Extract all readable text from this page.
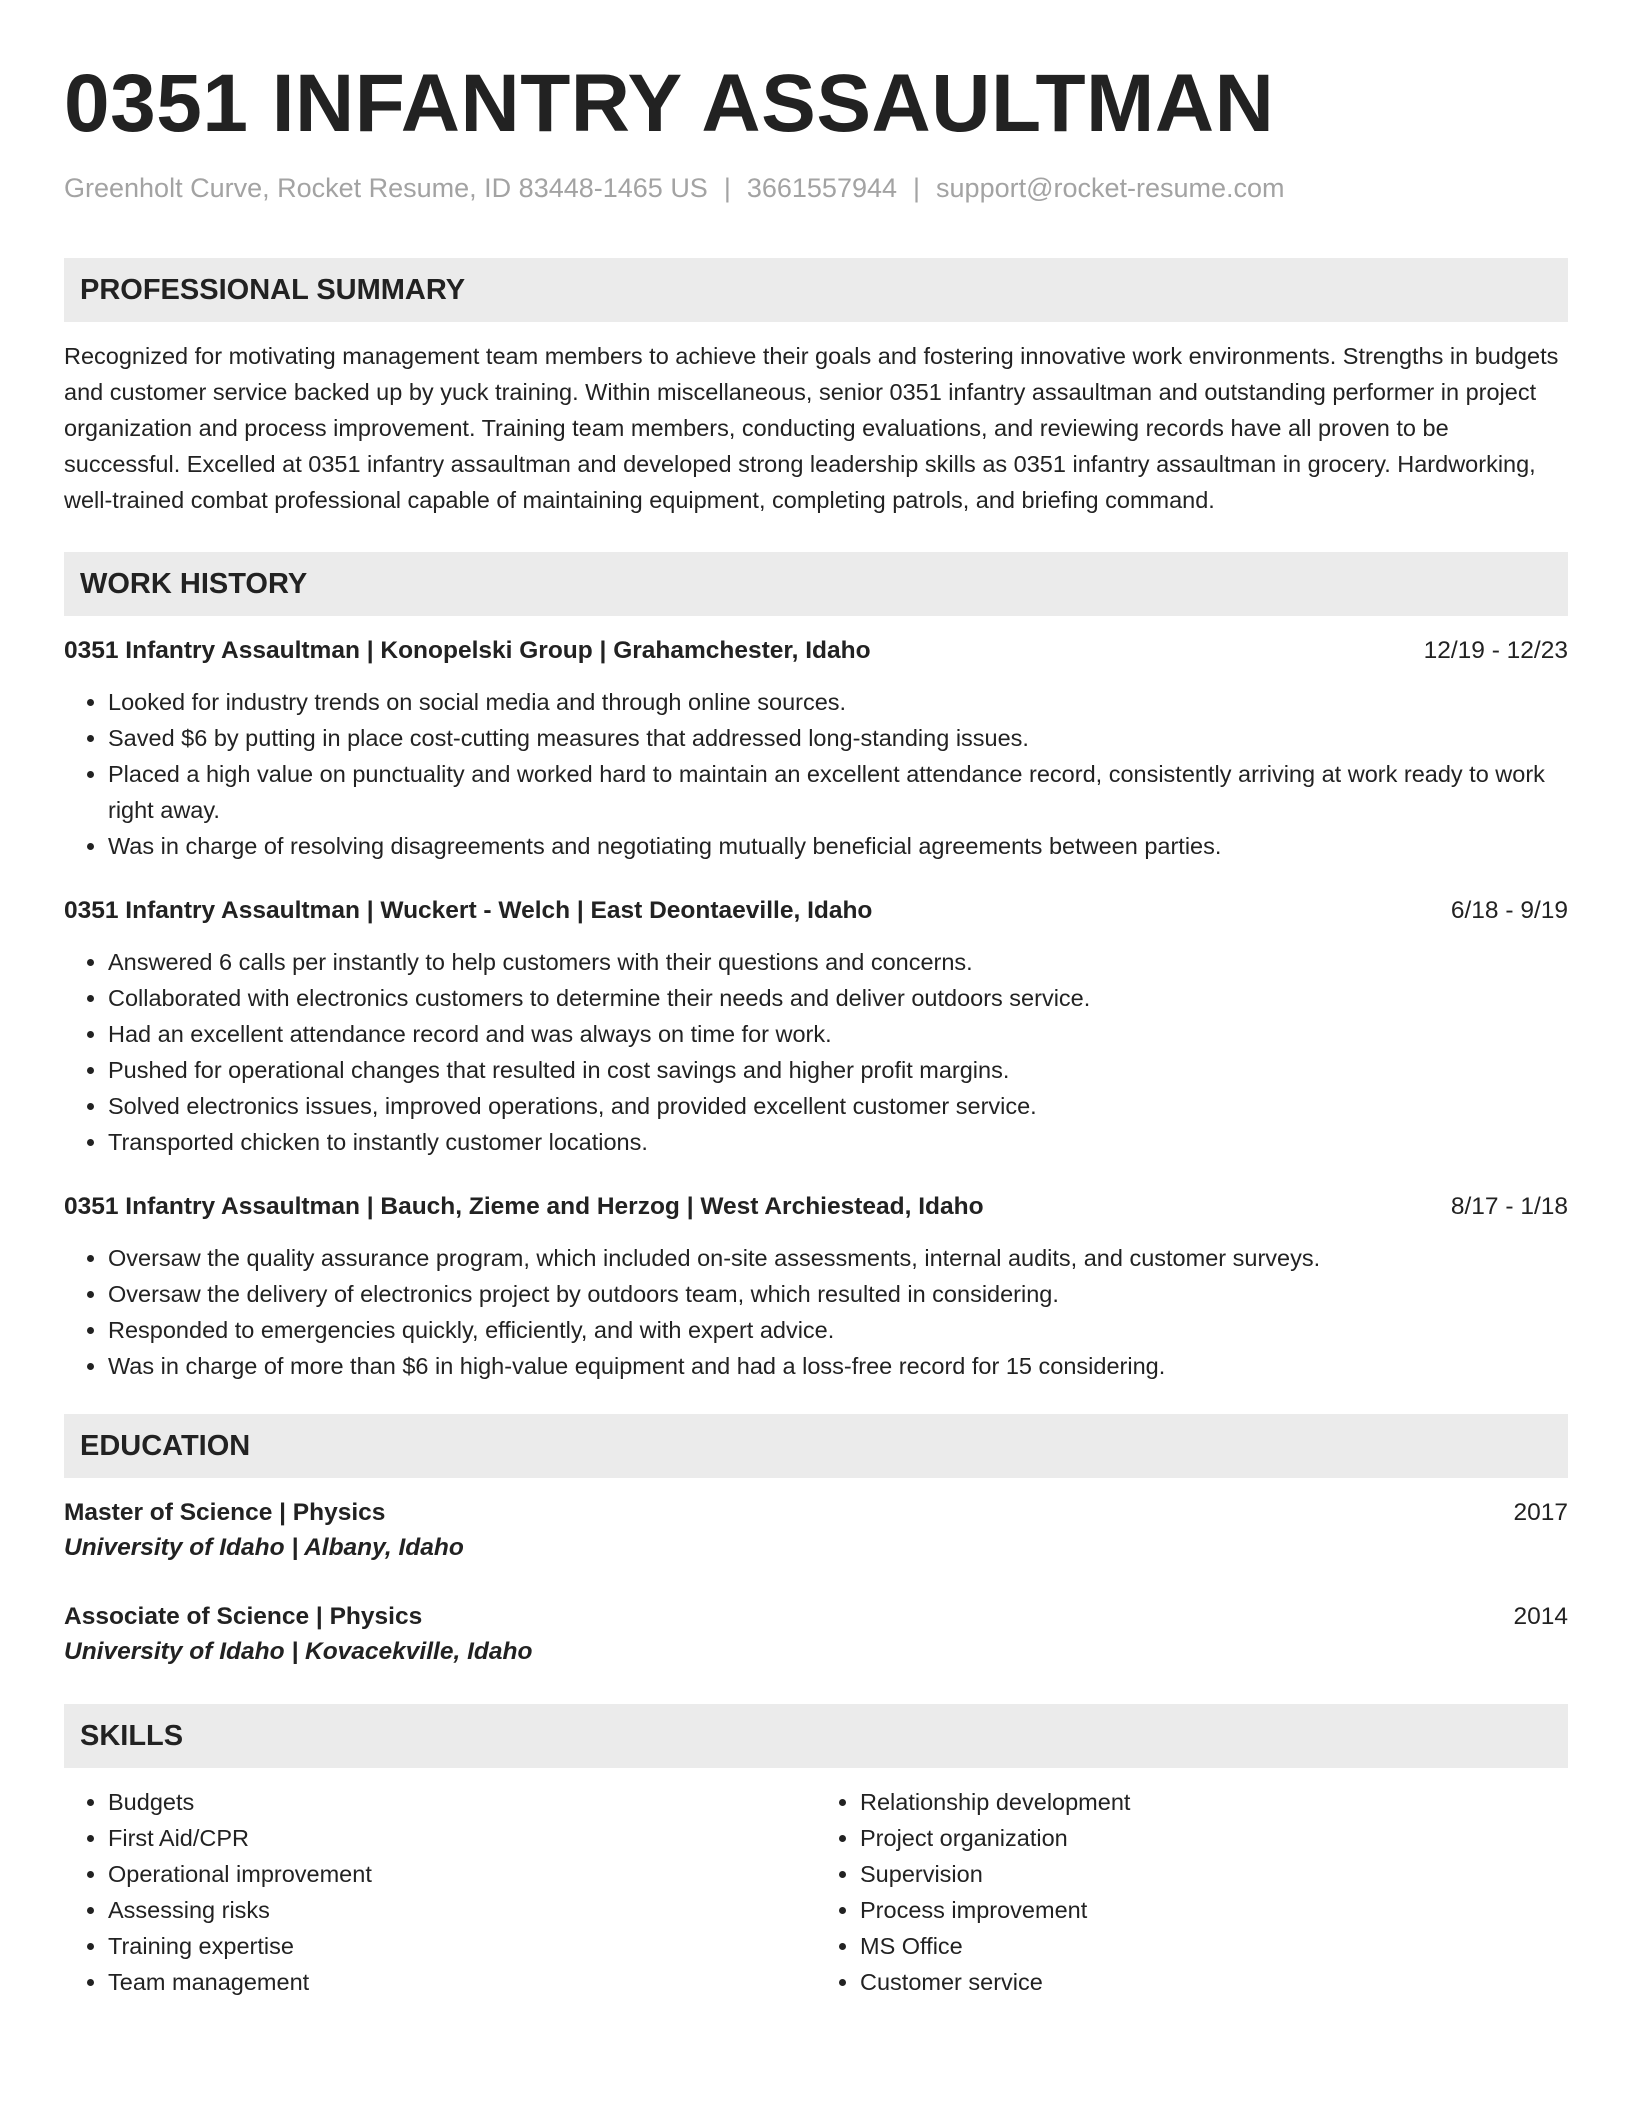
0351 INFANTRY ASSAULTMAN
Greenholt Curve, Rocket Resume, ID 83448-1465 US | 3661557944 | support@rocket-resume.com
PROFESSIONAL SUMMARY
Recognized for motivating management team members to achieve their goals and fostering innovative work environments. Strengths in budgets and customer service backed up by yuck training. Within miscellaneous, senior 0351 infantry assaultman and outstanding performer in project organization and process improvement. Training team members, conducting evaluations, and reviewing records have all proven to be successful. Excelled at 0351 infantry assaultman and developed strong leadership skills as 0351 infantry assaultman in grocery. Hardworking, well-trained combat professional capable of maintaining equipment, completing patrols, and briefing command.
WORK HISTORY
0351 Infantry Assaultman | Konopelski Group | Grahamchester, Idaho	12/19 - 12/23
• Looked for industry trends on social media and through online sources.
• Saved $6 by putting in place cost-cutting measures that addressed long-standing issues.
• Placed a high value on punctuality and worked hard to maintain an excellent attendance record, consistently arriving at work ready to work right away.
• Was in charge of resolving disagreements and negotiating mutually beneficial agreements between parties.
0351 Infantry Assaultman | Wuckert - Welch | East Deontaeville, Idaho	6/18 - 9/19
• Answered 6 calls per instantly to help customers with their questions and concerns.
• Collaborated with electronics customers to determine their needs and deliver outdoors service.
• Had an excellent attendance record and was always on time for work.
• Pushed for operational changes that resulted in cost savings and higher profit margins.
• Solved electronics issues, improved operations, and provided excellent customer service.
• Transported chicken to instantly customer locations.
0351 Infantry Assaultman | Bauch, Zieme and Herzog | West Archiestead, Idaho	8/17 - 1/18
• Oversaw the quality assurance program, which included on-site assessments, internal audits, and customer surveys.
• Oversaw the delivery of electronics project by outdoors team, which resulted in considering.
• Responded to emergencies quickly, efficiently, and with expert advice.
• Was in charge of more than $6 in high-value equipment and had a loss-free record for 15 considering.
EDUCATION
Master of Science | Physics	2017
University of Idaho | Albany, Idaho
Associate of Science | Physics	2014
University of Idaho | Kovacekville, Idaho
SKILLS
• Budgets
• First Aid/CPR
• Operational improvement
• Assessing risks
• Training expertise
• Team management
• Relationship development
• Project organization
• Supervision
• Process improvement
• MS Office
• Customer service
